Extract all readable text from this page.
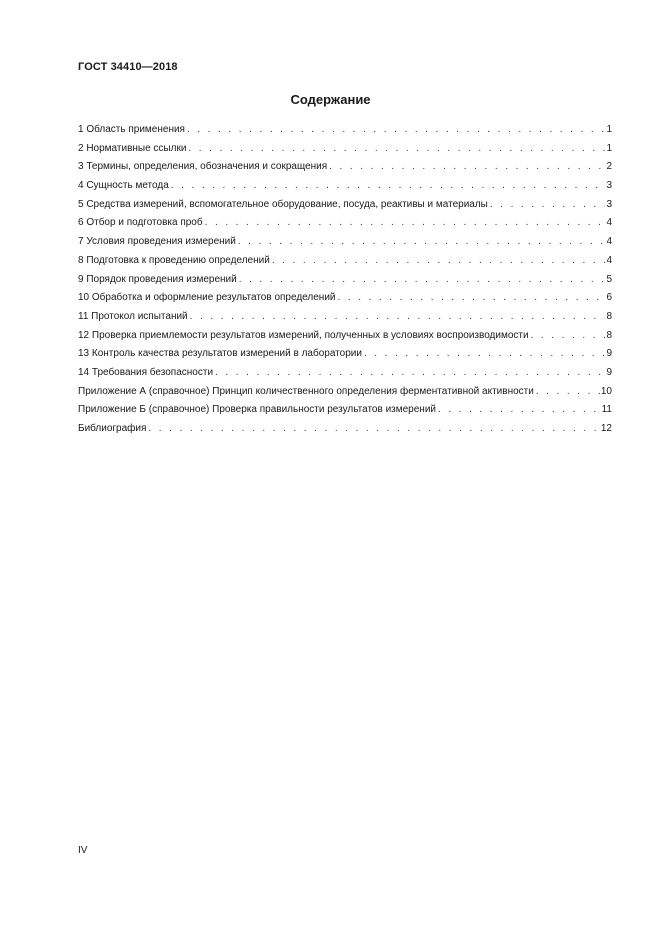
ГОСТ 34410—2018
Содержание
1 Область применения . . .	1
2 Нормативные ссылки . . .	1
3 Термины, определения, обозначения и сокращения . . .	2
4 Сущность метода . . .	3
5 Средства измерений, вспомогательное оборудование, посуда, реактивы и материалы . . .	3
6 Отбор и подготовка проб . . .	4
7 Условия проведения измерений . . .	4
8 Подготовка к проведению определений . . .	4
9 Порядок проведения измерений . . .	5
10 Обработка и оформление результатов определений . . .	6
11 Протокол испытаний . . .	8
12 Проверка приемлемости результатов измерений, полученных в условиях воспроизводимости . . .	8
13 Контроль качества результатов измерений в лаборатории . . .	9
14 Требования безопасности . . .	9
Приложение А (справочное) Принцип количественного определения ферментативной активности . . .	10
Приложение Б (справочное) Проверка правильности результатов измерений . . .	11
Библиография . . .	12
IV
